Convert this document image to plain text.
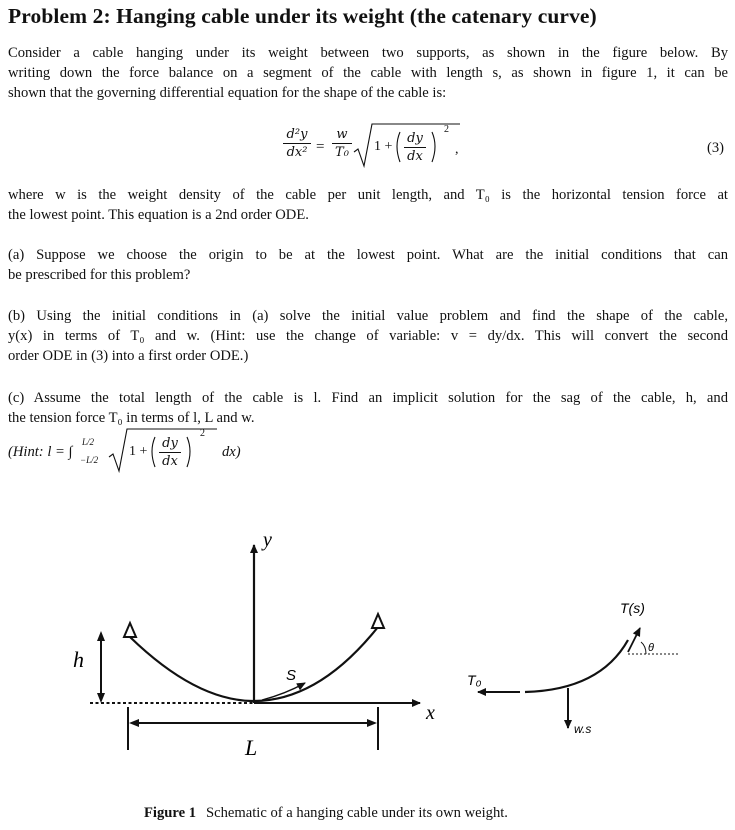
Problem 2: Hanging cable under its weight (the catenary curve)
Consider a cable hanging under its weight between two supports, as shown in the figure below. By
writing down the force balance on a segment of the cable with length s, as shown in figure 1, it can be
shown that the governing differential equation for the shape of the cable is:
d²y
dx² =
w
T₀ 1 +
dy
dx
2
,	(3)
where w is the weight density of the cable per unit length, and T₀ is the horizontal tension force at
the lowest point. This equation is a 2nd order ODE.
(a) Suppose we choose the origin to be at the lowest point. What are the initial conditions that can
be prescribed for this problem?
(b) Using the initial conditions in (a) solve the initial value problem and find the shape of the cable,
y(x) in terms of T₀ and w. (Hint: use the change of variable: v = dy/dx. This will convert the second
order ODE in (3) into a first order ODE.)
(c) Assume the total length of the cable is l. Find an implicit solution for the sag of the cable, h, and
the tension force T₀ in terms of l, L and w.
(Hint: l = ∫
L/2
−L/2
1 +
dy
dx
2
dx)
y
x
h
S
L
T₀
T(s)
θ
w.s
Figure 1 Schematic of a hanging cable under its own weight.
